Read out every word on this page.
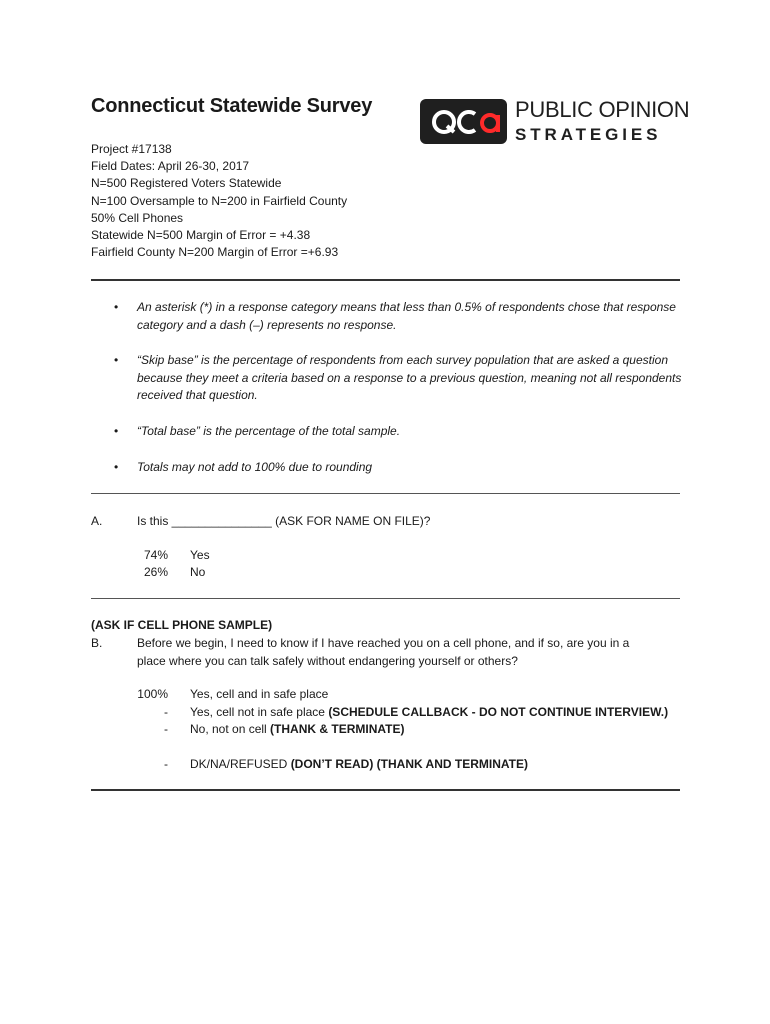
Connecticut Statewide Survey
Project #17138
Field Dates: April 26-30, 2017
N=500 Registered Voters Statewide
N=100 Oversample to N=200 in Fairfield County
50% Cell Phones
Statewide N=500 Margin of Error = +4.38
Fairfield County N=200 Margin of Error =+6.93
PUBLIC OPINION
STRATEGIES
• An asterisk (*) in a response category means that less than 0.5% of respondents chose that response category and a dash (–) represents no response.
• “Skip base” is the percentage of respondents from each survey population that are asked a question because they meet a criteria based on a response to a previous question, meaning not all respondents received that question.
• “Total base” is the percentage of the total sample.
• Totals may not add to 100% due to rounding
A.	Is this _______________ (ASK FOR NAME ON FILE)?
74% Yes
26% No
(ASK IF CELL PHONE SAMPLE)
B.	Before we begin, I need to know if I have reached you on a cell phone, and if so, are you in a
place where you can talk safely without endangering yourself or others?
100% Yes, cell and in safe place
- Yes, cell not in safe place (SCHEDULE CALLBACK - DO NOT CONTINUE INTERVIEW.)
- No, not on cell (THANK & TERMINATE)
- DK/NA/REFUSED (DON’T READ) (THANK AND TERMINATE)
